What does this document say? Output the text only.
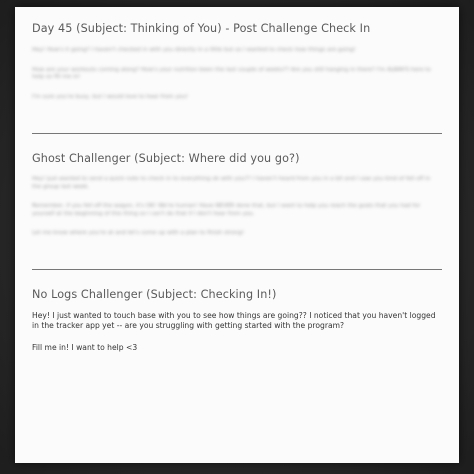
Day 45 (Subject: Thinking of You) - Post Challenge Check In
Hey! How's it going? I haven't checked in with you directly in a little but so I wanted to check how things are going!
How are your workouts coming along? How's your nutrition been the last couple of weeks?? Are you still hanging in there? I'm ALWAYS here to help so fill me in!
I'm sure you're busy, but I would love to hear from you!
Ghost Challenger (Subject: Where did you go?)
Hey! Just wanted to send a quick note to check in to everything ok with you?? I haven't heard from you in a bit and I saw you kind of fell off in the group last week.
Remember, if you fell off the wagon, it's OK! We're human! Have NEVER done that, but I want to help you reach the goals that you had for yourself at the beginning of this thing so I can't do that if I don't hear from you.
Let me know where you're at and let's come up with a plan to finish strong!
No Logs Challenger (Subject: Checking In!)

Hey! I just wanted to touch base with you to see how things are going?? I noticed that you haven't logged in the tracker app yet -- are you struggling with getting started with the program?

Fill me in! I want to help <3
